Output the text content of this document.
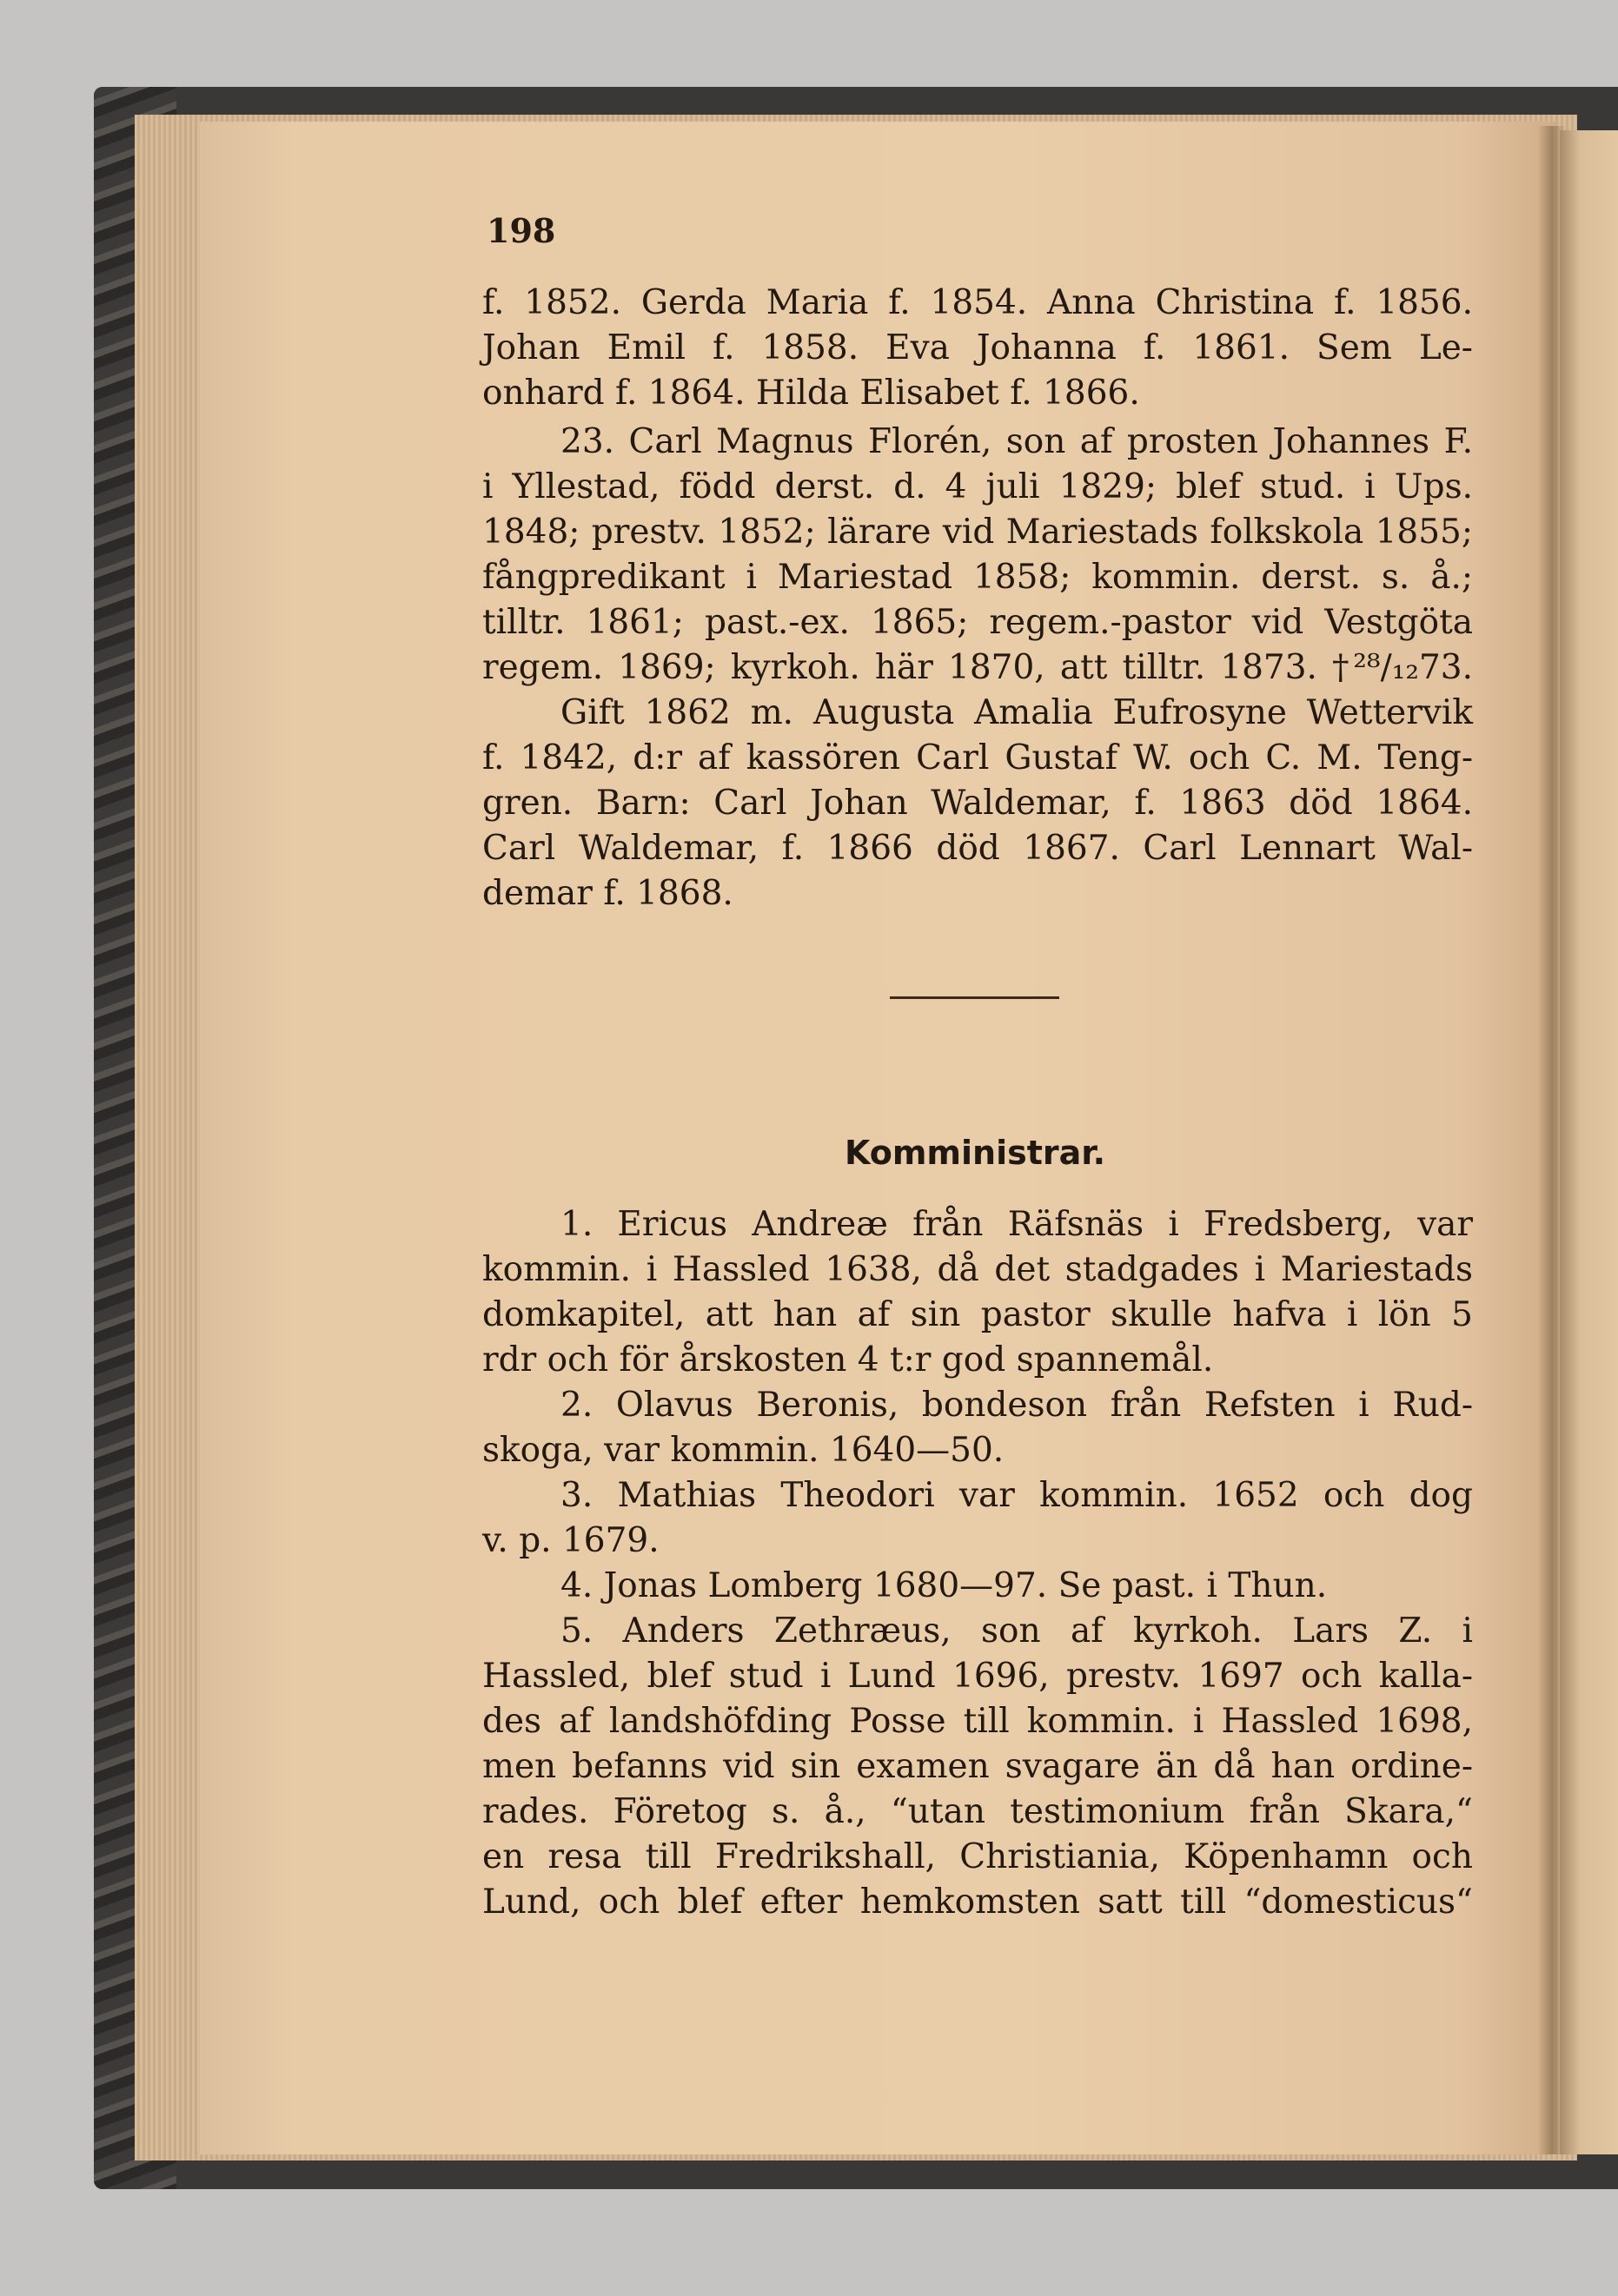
198
f. 1852. Gerda Maria f. 1854. Anna Christina f. 1856.
Johan Emil f. 1858. Eva Johanna f. 1861. Sem Le-
onhard f. 1864. Hilda Elisabet f. 1866.
23. Carl Magnus Florén, son af prosten Johannes F.
i Yllestad, född derst. d. 4 juli 1829; blef stud. i Ups.
1848; prestv. 1852; lärare vid Mariestads folkskola 1855;
fångpredikant i Mariestad 1858; kommin. derst. s. å.;
tilltr. 1861; past.-ex. 1865; regem.-pastor vid Vestgöta
regem. 1869; kyrkoh. här 1870, att tilltr. 1873. †²⁸/₁₂73.
Gift 1862 m. Augusta Amalia Eufrosyne Wettervik
f. 1842, d:r af kassören Carl Gustaf W. och C. M. Teng-
gren. Barn: Carl Johan Waldemar, f. 1863 död 1864.
Carl Waldemar, f. 1866 död 1867. Carl Lennart Wal-
demar f. 1868.
Komministrar.
1. Ericus Andreæ från Räfsnäs i Fredsberg, var
kommin. i Hassled 1638, då det stadgades i Mariestads
domkapitel, att han af sin pastor skulle hafva i lön 5
rdr och för årskosten 4 t:r god spannemål.
2. Olavus Beronis, bondeson från Refsten i Rud-
skoga, var kommin. 1640—50.
3. Mathias Theodori var kommin. 1652 och dog
v. p. 1679.
4. Jonas Lomberg 1680—97. Se past. i Thun.
5. Anders Zethræus, son af kyrkoh. Lars Z. i
Hassled, blef stud i Lund 1696, prestv. 1697 och kalla-
des af landshöfding Posse till kommin. i Hassled 1698,
men befanns vid sin examen svagare än då han ordine-
rades. Företog s. å., “utan testimonium från Skara,“
en resa till Fredrikshall, Christiania, Köpenhamn och
Lund, och blef efter hemkomsten satt till “domesticus“
